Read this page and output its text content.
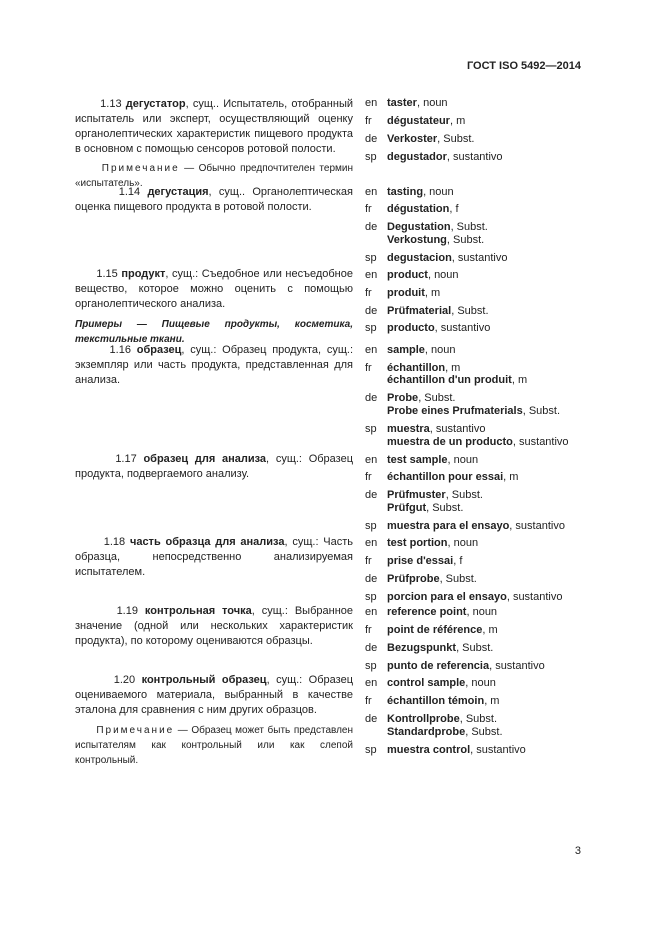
ГОСТ ISO 5492—2014

1.13 дегустатор, сущ.. Испытатель, отобранный испытатель или эксперт, осуществляющий оценку органолептических характеристик пищевого продукта в основном с помощью сенсоров ротовой полости.

Примечание — Обычно предпочтителен термин «испытатель».

1.14 дегустация, сущ.. Органолептическая оценка пищевого продукта в ротовой полости.

1.15 продукт, сущ.: Съедобное или несъедобное вещество, которое можно оценить с помощью органолептического анализа.

Примеры — Пищевые продукты, косметика, текстильные ткани.

1.16 образец, сущ.: Образец продукта, сущ.: экземпляр или часть продукта, представленная для анализа.

1.17 образец для анализа, сущ.: Образец продукта, подвергаемого анализу.

1.18 часть образца для анализа, сущ.: Часть образца, непосредственно анализируемая испытателем.

1.19 контрольная точка, сущ.: Выбранное значение (одной или нескольких характеристик продукта), по которому оцениваются образцы.

1.20 контрольный образец, сущ.: Образец оцениваемого материала, выбранный в качестве эталона для сравнения с ним других образцов.

Примечание — Образец может быть представлен испытателям как контрольный или как слепой контрольный.

en taster, noun
fr dégustateur, m
de Verkoster, Subst.
sp degustador, sustantivo
en tasting, noun
fr dégustation, f
de Degustation, Subst.
Verkostung, Subst.
sp degustacion, sustantivo
en product, noun
fr produit, m
de Prüfmaterial, Subst.
sp producto, sustantivo
en sample, noun
fr échantillon, m
échantillon d'un produit, m
de Probe, Subst.
Probe eines Prufmaterials, Subst.
sp muestra, sustantivo
muestra de un producto, sustantivo
en test sample, noun
fr échantillon pour essai, m
de Prüfmuster, Subst.
Prüfgut, Subst.
sp muestra para el ensayo, sustantivo
en test portion, noun
fr prise d'essai, f
de Prüfprobe, Subst.
sp porcion para el ensayo, sustantivo
en reference point, noun
fr point de référence, m
de Bezugspunkt, Subst.
sp punto de referencia, sustantivo
en control sample, noun
fr échantillon témoin, m
de Kontrollprobe, Subst.
Standardprobe, Subst.
sp muestra control, sustantivo
3
